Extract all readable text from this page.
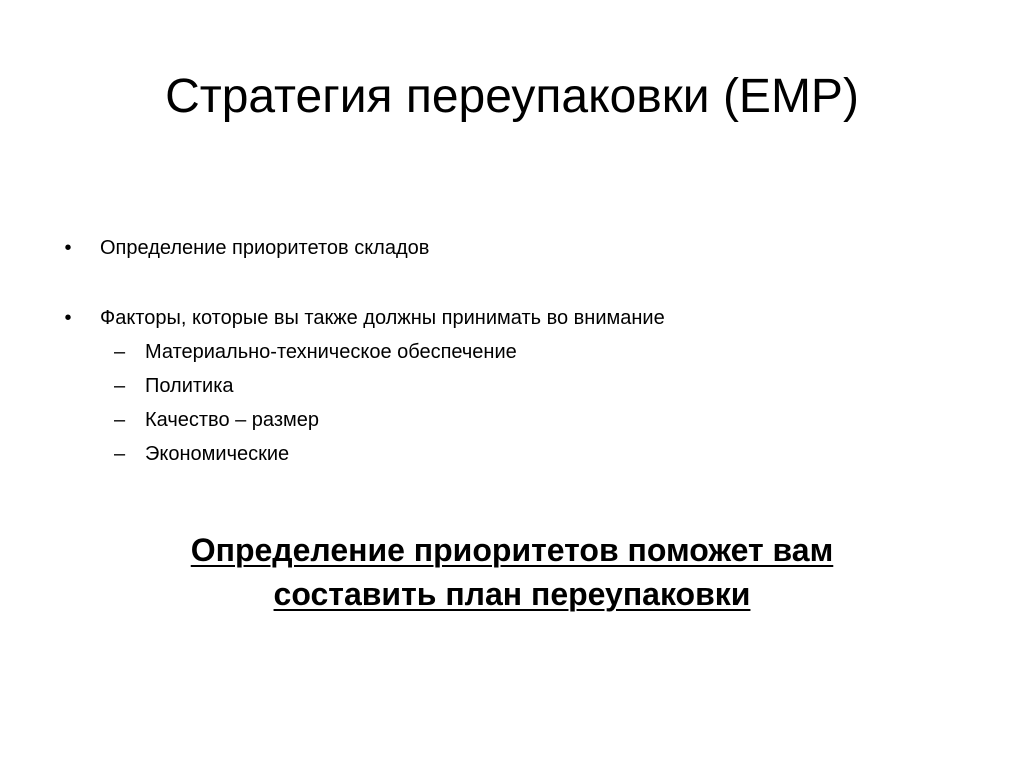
Стратегия переупаковки (ЕМР)
•	Определение приоритетов складов
•	Факторы, которые вы также должны принимать во внимание
– Материально-техническое обеспечение
– Политика
– Качество – размер
– Экономические

Определение приоритетов поможет вам
составить план переупаковки
